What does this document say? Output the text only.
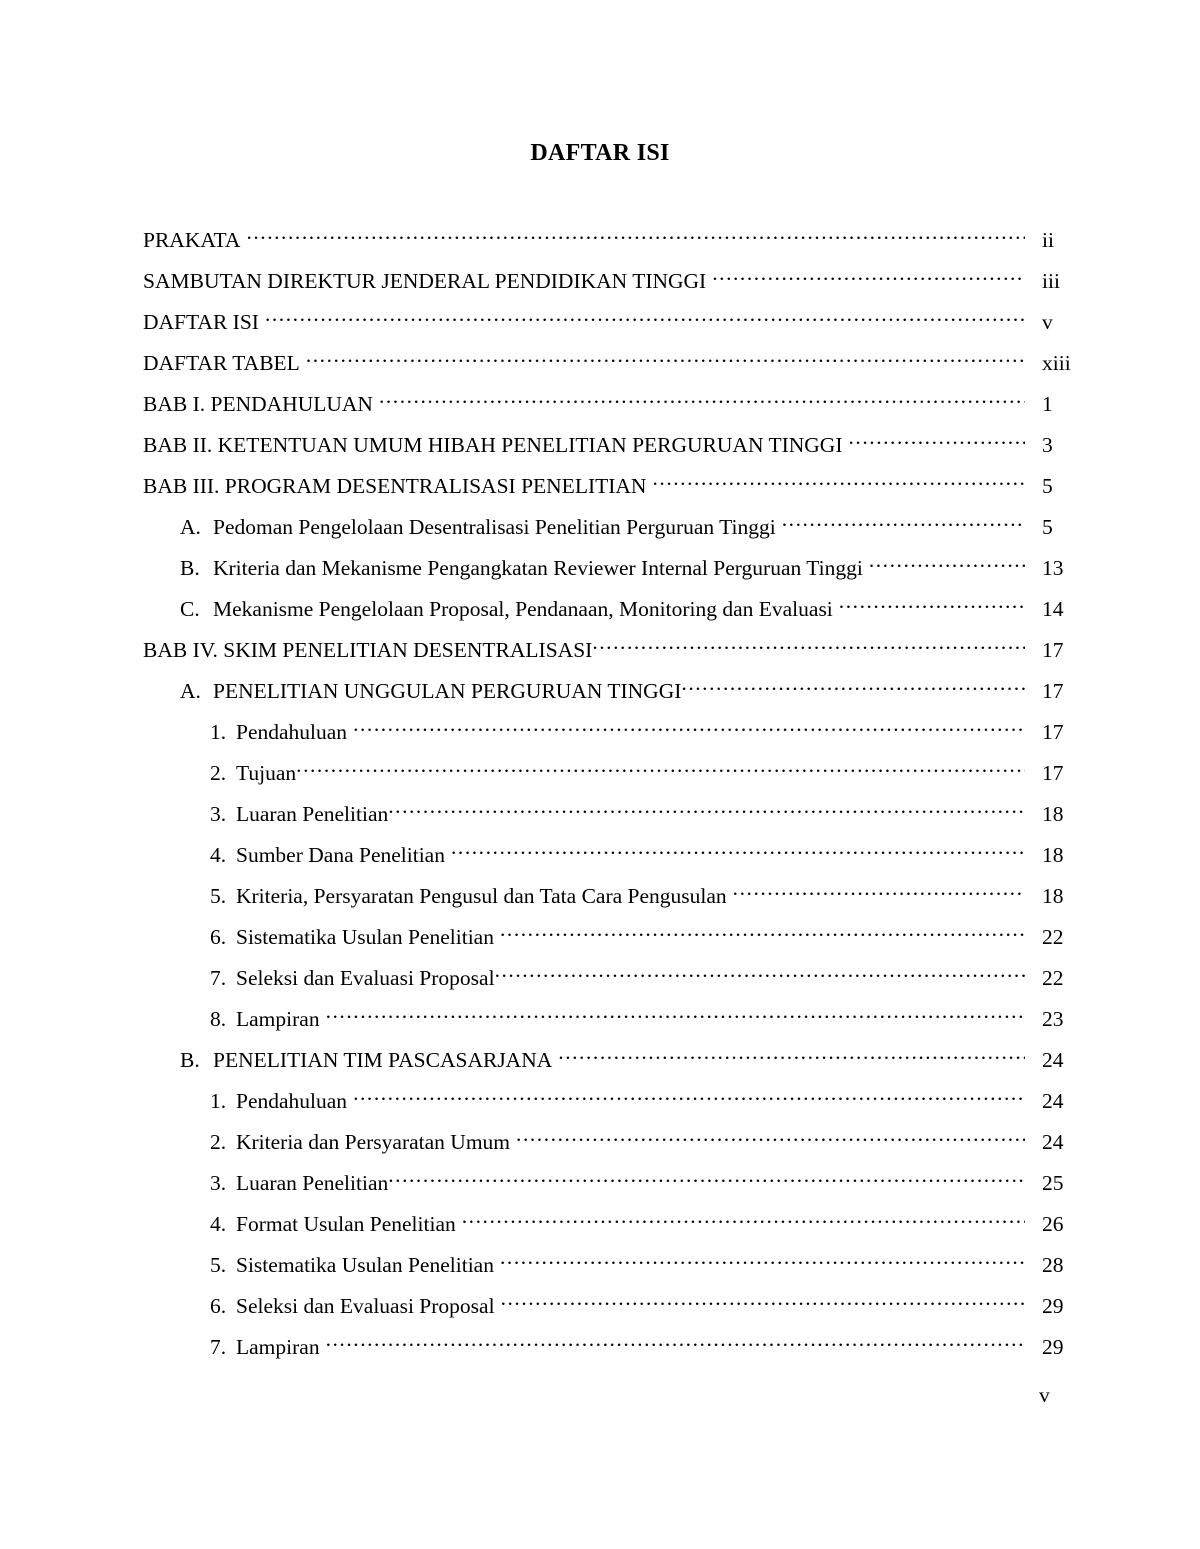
DAFTAR ISI
PRAKATA .....	ii
SAMBUTAN DIREKTUR JENDERAL PENDIDIKAN TINGGI .....	iii
DAFTAR ISI .....	v
DAFTAR TABEL .....	xiii
BAB I. PENDAHULUAN .....	1
BAB II. KETENTUAN UMUM HIBAH PENELITIAN PERGURUAN TINGGI .....	3
BAB III. PROGRAM DESENTRALISASI PENELITIAN .....	5
A. Pedoman Pengelolaan Desentralisasi Penelitian Perguruan Tinggi .....	5
B. Kriteria dan Mekanisme Pengangkatan Reviewer Internal Perguruan Tinggi .....	13
C. Mekanisme Pengelolaan Proposal, Pendanaan, Monitoring dan Evaluasi .....	14
BAB IV. SKIM PENELITIAN DESENTRALISASI .....	17
A. PENELITIAN UNGGULAN PERGURUAN TINGGI .....	17
1. Pendahuluan .....	17
2. Tujuan .....	17
3. Luaran Penelitian .....	18
4. Sumber Dana Penelitian .....	18
5. Kriteria, Persyaratan Pengusul dan Tata Cara Pengusulan .....	18
6. Sistematika Usulan Penelitian .....	22
7. Seleksi dan Evaluasi Proposal .....	22
8. Lampiran .....	23
B. PENELITIAN TIM PASCASARJANA .....	24
1. Pendahuluan .....	24
2. Kriteria dan Persyaratan Umum .....	24
3. Luaran Penelitian .....	25
4. Format Usulan Penelitian .....	26
5. Sistematika Usulan Penelitian .....	28
6. Seleksi dan Evaluasi Proposal .....	29
7. Lampiran .....	29
v
